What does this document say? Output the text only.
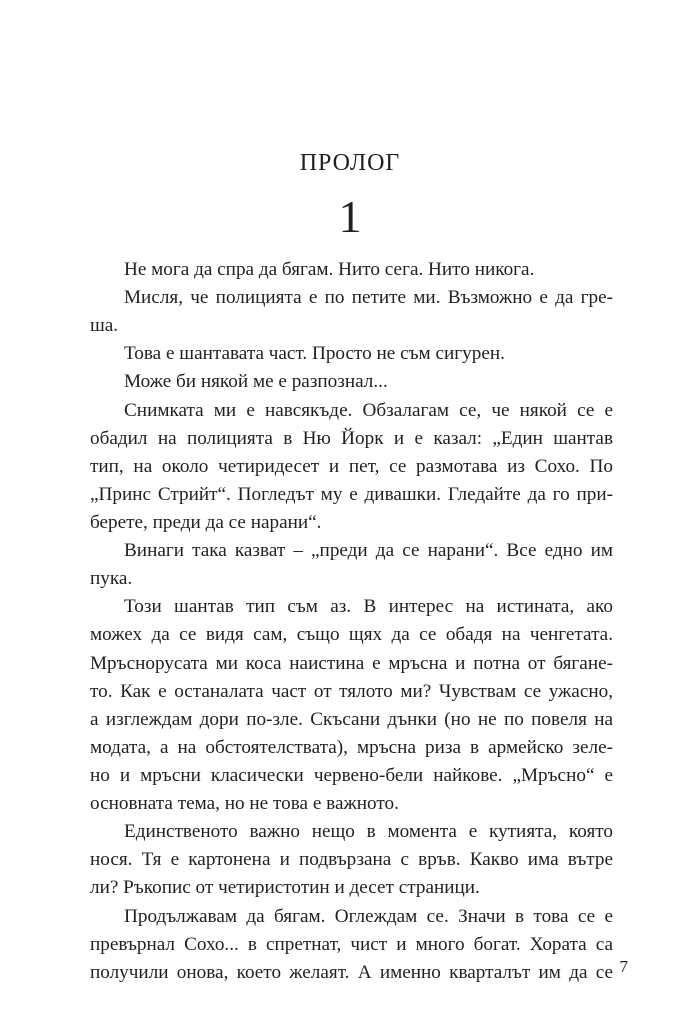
ПРОЛОГ
1
Не мога да спра да бягам. Нито сега. Нито никога.
Мисля, че полицията е по петите ми. Възможно е да гре-
ша.
Това е шантавата част. Просто не съм сигурен.
Може би някой ме е разпознал...
Снимката ми е навсякъде. Обзалагам се, че някой се е
обадил на полицията в Ню Йорк и е казал: „Един шантав
тип, на около четиридесет и пет, се размотава из Сохо. По
„Принс Стрийт“. Погледът му е дивашки. Гледайте да го при-
берете, преди да се нарани“.
Винаги така казват – „преди да се нарани“. Все едно им
пука.
Този шантав тип съм аз. В интерес на истината, ако
можех да се видя сам, също щях да се обадя на ченгетата.
Мръснорусата ми коса наистина е мръсна и потна от бягане-
то. Как е останалата част от тялото ми? Чувствам се ужасно,
а изглеждам дори по-зле. Скъсани дънки (но не по повеля на
модата, а на обстоятелствата), мръсна риза в армейско зеле-
но и мръсни класически червено-бели найкове. „Мръсно“ е
основната тема, но не това е важното.
Единственото важно нещо в момента е кутията, която
нося. Тя е картонена и подвързана с връв. Какво има вътре
ли? Ръкопис от четиристотин и десет страници.
Продължавам да бягам. Оглеждам се. Значи в това се е
превърнал Сохо... в спретнат, чист и много богат. Хората са
получили онова, което желаят. А именно кварталът им да се 7
